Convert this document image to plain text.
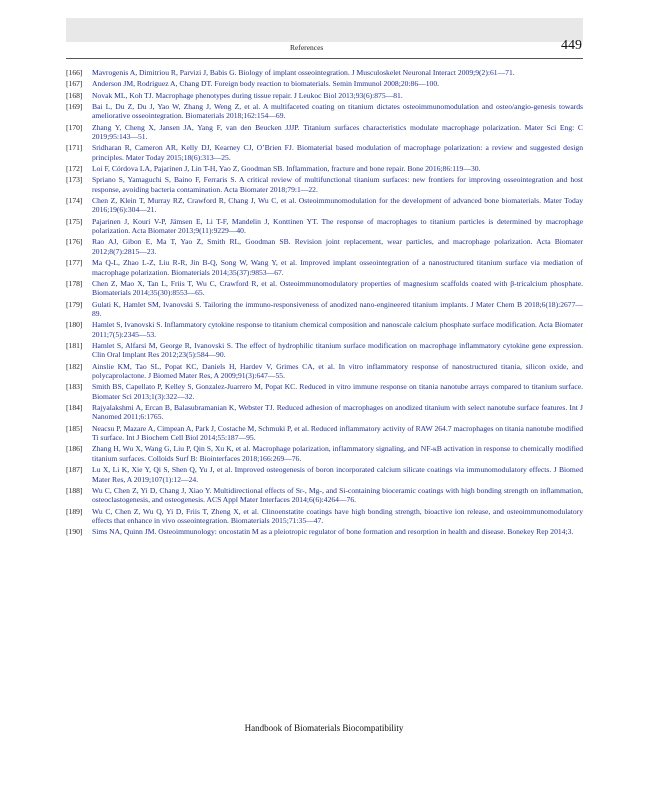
References	449
[166] Mavrogenis A, Dimitriou R, Parvizi J, Babis G. Biology of implant osseointegration. J Musculoskelet Neuronal Interact 2009;9(2):61—71.
[167] Anderson JM, Rodriguez A, Chang DT. Foreign body reaction to biomaterials. Semin Immunol 2008;20:86—100.
[168] Novak ML, Koh TJ. Macrophage phenotypes during tissue repair. J Leukoc Biol 2013;93(6):875—81.
[169] Bai L, Du Z, Du J, Yao W, Zhang J, Weng Z, et al. A multifaceted coating on titanium dictates osteoimmunomodulation and osteo/angio-genesis towards ameliorative osseointegration. Biomaterials 2018;162:154—69.
[170] Zhang Y, Cheng X, Jansen JA, Yang F, van den Beucken JJJP. Titanium surfaces characteristics modulate macrophage polarization. Mater Sci Eng: C 2019;95:143—51.
[171] Sridharan R, Cameron AR, Kelly DJ, Kearney CJ, O’Brien FJ. Biomaterial based modulation of macrophage polarization: a review and suggested design principles. Mater Today 2015;18(6):313—25.
[172] Loi F, Córdova LA, Pajarinen J, Lin T-H, Yao Z, Goodman SB. Inflammation, fracture and bone repair. Bone 2016;86:119—30.
[173] Spriano S, Yamaguchi S, Baino F, Ferraris S. A critical review of multifunctional titanium surfaces: new frontiers for improving osseointegration and host response, avoiding bacteria contamination. Acta Biomater 2018;79:1—22.
[174] Chen Z, Klein T, Murray RZ, Crawford R, Chang J, Wu C, et al. Osteoimmunomodulation for the development of advanced bone biomaterials. Mater Today 2016;19(6):304—21.
[175] Pajarinen J, Kouri V-P, Jämsen E, Li T-F, Mandelin J, Konttinen YT. The response of macrophages to titanium particles is determined by macrophage polarization. Acta Biomater 2013;9(11):9229—40.
[176] Rao AJ, Gibon E, Ma T, Yao Z, Smith RL, Goodman SB. Revision joint replacement, wear particles, and macrophage polarization. Acta Biomater 2012;8(7):2815—23.
[177] Ma Q-L, Zhao L-Z, Liu R-R, Jin B-Q, Song W, Wang Y, et al. Improved implant osseointegration of a nanostructured titanium surface via mediation of macrophage polarization. Biomaterials 2014;35(37):9853—67.
[178] Chen Z, Mao X, Tan L, Friis T, Wu C, Crawford R, et al. Osteoimmunomodulatory properties of magnesium scaffolds coated with β-tricalcium phosphate. Biomaterials 2014;35(30):8553—65.
[179] Gulati K, Hamlet SM, Ivanovski S. Tailoring the immuno-responsiveness of anodized nano-engineered titanium implants. J Mater Chem B 2018;6(18):2677—89.
[180] Hamlet S, Ivanovski S. Inflammatory cytokine response to titanium chemical composition and nanoscale calcium phosphate surface modification. Acta Biomater 2011;7(5):2345—53.
[181] Hamlet S, Alfarsi M, George R, Ivanovski S. The effect of hydrophilic titanium surface modification on macrophage inflammatory cytokine gene expression. Clin Oral Implant Res 2012;23(5):584—90.
[182] Ainslie KM, Tao SL, Popat KC, Daniels H, Hardev V, Grimes CA, et al. In vitro inflammatory response of nanostructured titania, silicon oxide, and polycaprolactone. J Biomed Mater Res, A 2009;91(3):647—55.
[183] Smith BS, Capellato P, Kelley S, Gonzalez-Juarrero M, Popat KC. Reduced in vitro immune response on titania nanotube arrays compared to titanium surface. Biomater Sci 2013;1(3):322—32.
[184] Rajyalakshmi A, Ercan B, Balasubramanian K, Webster TJ. Reduced adhesion of macrophages on anodized titanium with select nanotube surface features. Int J Nanomed 2011;6:1765.
[185] Neacsu P, Mazare A, Cimpean A, Park J, Costache M, Schmuki P, et al. Reduced inflammatory activity of RAW 264.7 macrophages on titania nanotube modified Ti surface. Int J Biochem Cell Biol 2014;55:187—95.
[186] Zhang H, Wu X, Wang G, Liu P, Qin S, Xu K, et al. Macrophage polarization, inflammatory signaling, and NF-κB activation in response to chemically modified titanium surfaces. Colloids Surf B: Biointerfaces 2018;166:269—76.
[187] Lu X, Li K, Xie Y, Qi S, Shen Q, Yu J, et al. Improved osteogenesis of boron incorporated calcium silicate coatings via immunomodulatory effects. J Biomed Mater Res, A 2019;107(1):12—24.
[188] Wu C, Chen Z, Yi D, Chang J, Xiao Y. Multidirectional effects of Sr-, Mg-, and Si-containing bioceramic coatings with high bonding strength on inflammation, osteoclastogenesis, and osteogenesis. ACS Appl Mater Interfaces 2014;6(6):4264—76.
[189] Wu C, Chen Z, Wu Q, Yi D, Friis T, Zheng X, et al. Clinoenstatite coatings have high bonding strength, bioactive ion release, and osteoimmunomodulatory effects that enhance in vivo osseointegration. Biomaterials 2015;71:35—47.
[190] Sims NA, Quinn JM. Osteoimmunology: oncostatin M as a pleiotropic regulator of bone formation and resorption in health and disease. Bonekey Rep 2014;3.
Handbook of Biomaterials Biocompatibility
